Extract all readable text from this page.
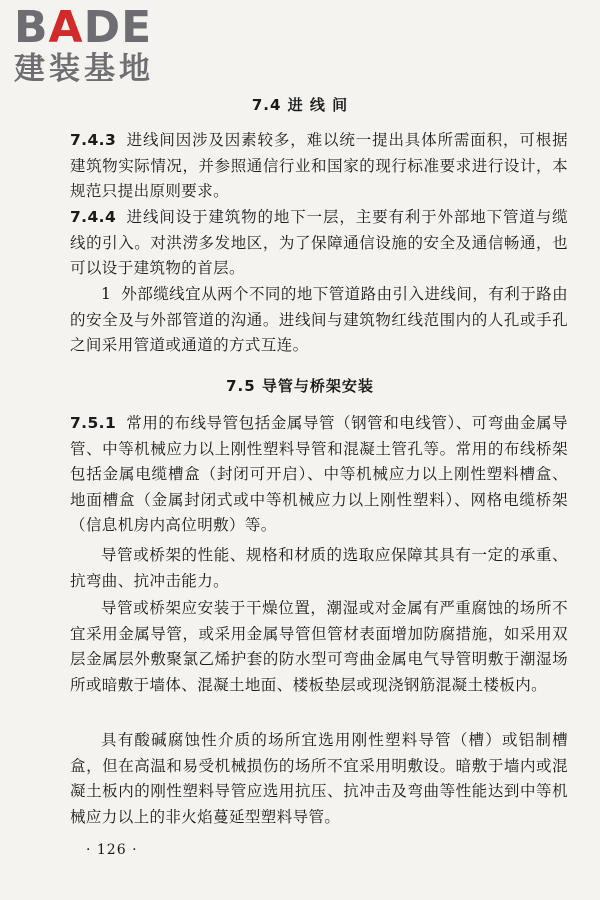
BADE
建装基地
7.4 进 线 间
7.4.3 进线间因涉及因素较多，难以统一提出具体所需面积，可根据建筑物实际情况，并参照通信行业和国家的现行标准要求进行设计，本规范只提出原则要求。
7.4.4 进线间设于建筑物的地下一层，主要有利于外部地下管道与缆线的引入。对洪涝多发地区，为了保障通信设施的安全及通信畅通，也可以设于建筑物的首层。
1 外部缆线宜从两个不同的地下管道路由引入进线间，有利于路由的安全及与外部管道的沟通。进线间与建筑物红线范围内的人孔或手孔之间采用管道或通道的方式互连。
7.5 导管与桥架安装
7.5.1 常用的布线导管包括金属导管（钢管和电线管）、可弯曲金属导管、中等机械应力以上刚性塑料导管和混凝土管孔等。常用的布线桥架包括金属电缆槽盒（封闭可开启）、中等机械应力以上刚性塑料槽盒、地面槽盒（金属封闭式或中等机械应力以上刚性塑料）、网格电缆桥架（信息机房内高位明敷）等。
导管或桥架的性能、规格和材质的选取应保障其具有一定的承重、抗弯曲、抗冲击能力。
导管或桥架应安装于干燥位置，潮湿或对金属有严重腐蚀的场所不宜采用金属导管，或采用金属导管但管材表面增加防腐措施，如采用双层金属层外敷聚氯乙烯护套的防水型可弯曲金属电气导管明敷于潮湿场所或暗敷于墙体、混凝土地面、楼板垫层或现浇钢筋混凝土楼板内。
具有酸碱腐蚀性介质的场所宜选用刚性塑料导管（槽）或铝制槽盒，但在高温和易受机械损伤的场所不宜采用明敷设。暗敷于墙内或混凝土板内的刚性塑料导管应选用抗压、抗冲击及弯曲等性能达到中等机械应力以上的非火焰蔓延型塑料导管。
· 126 ·
